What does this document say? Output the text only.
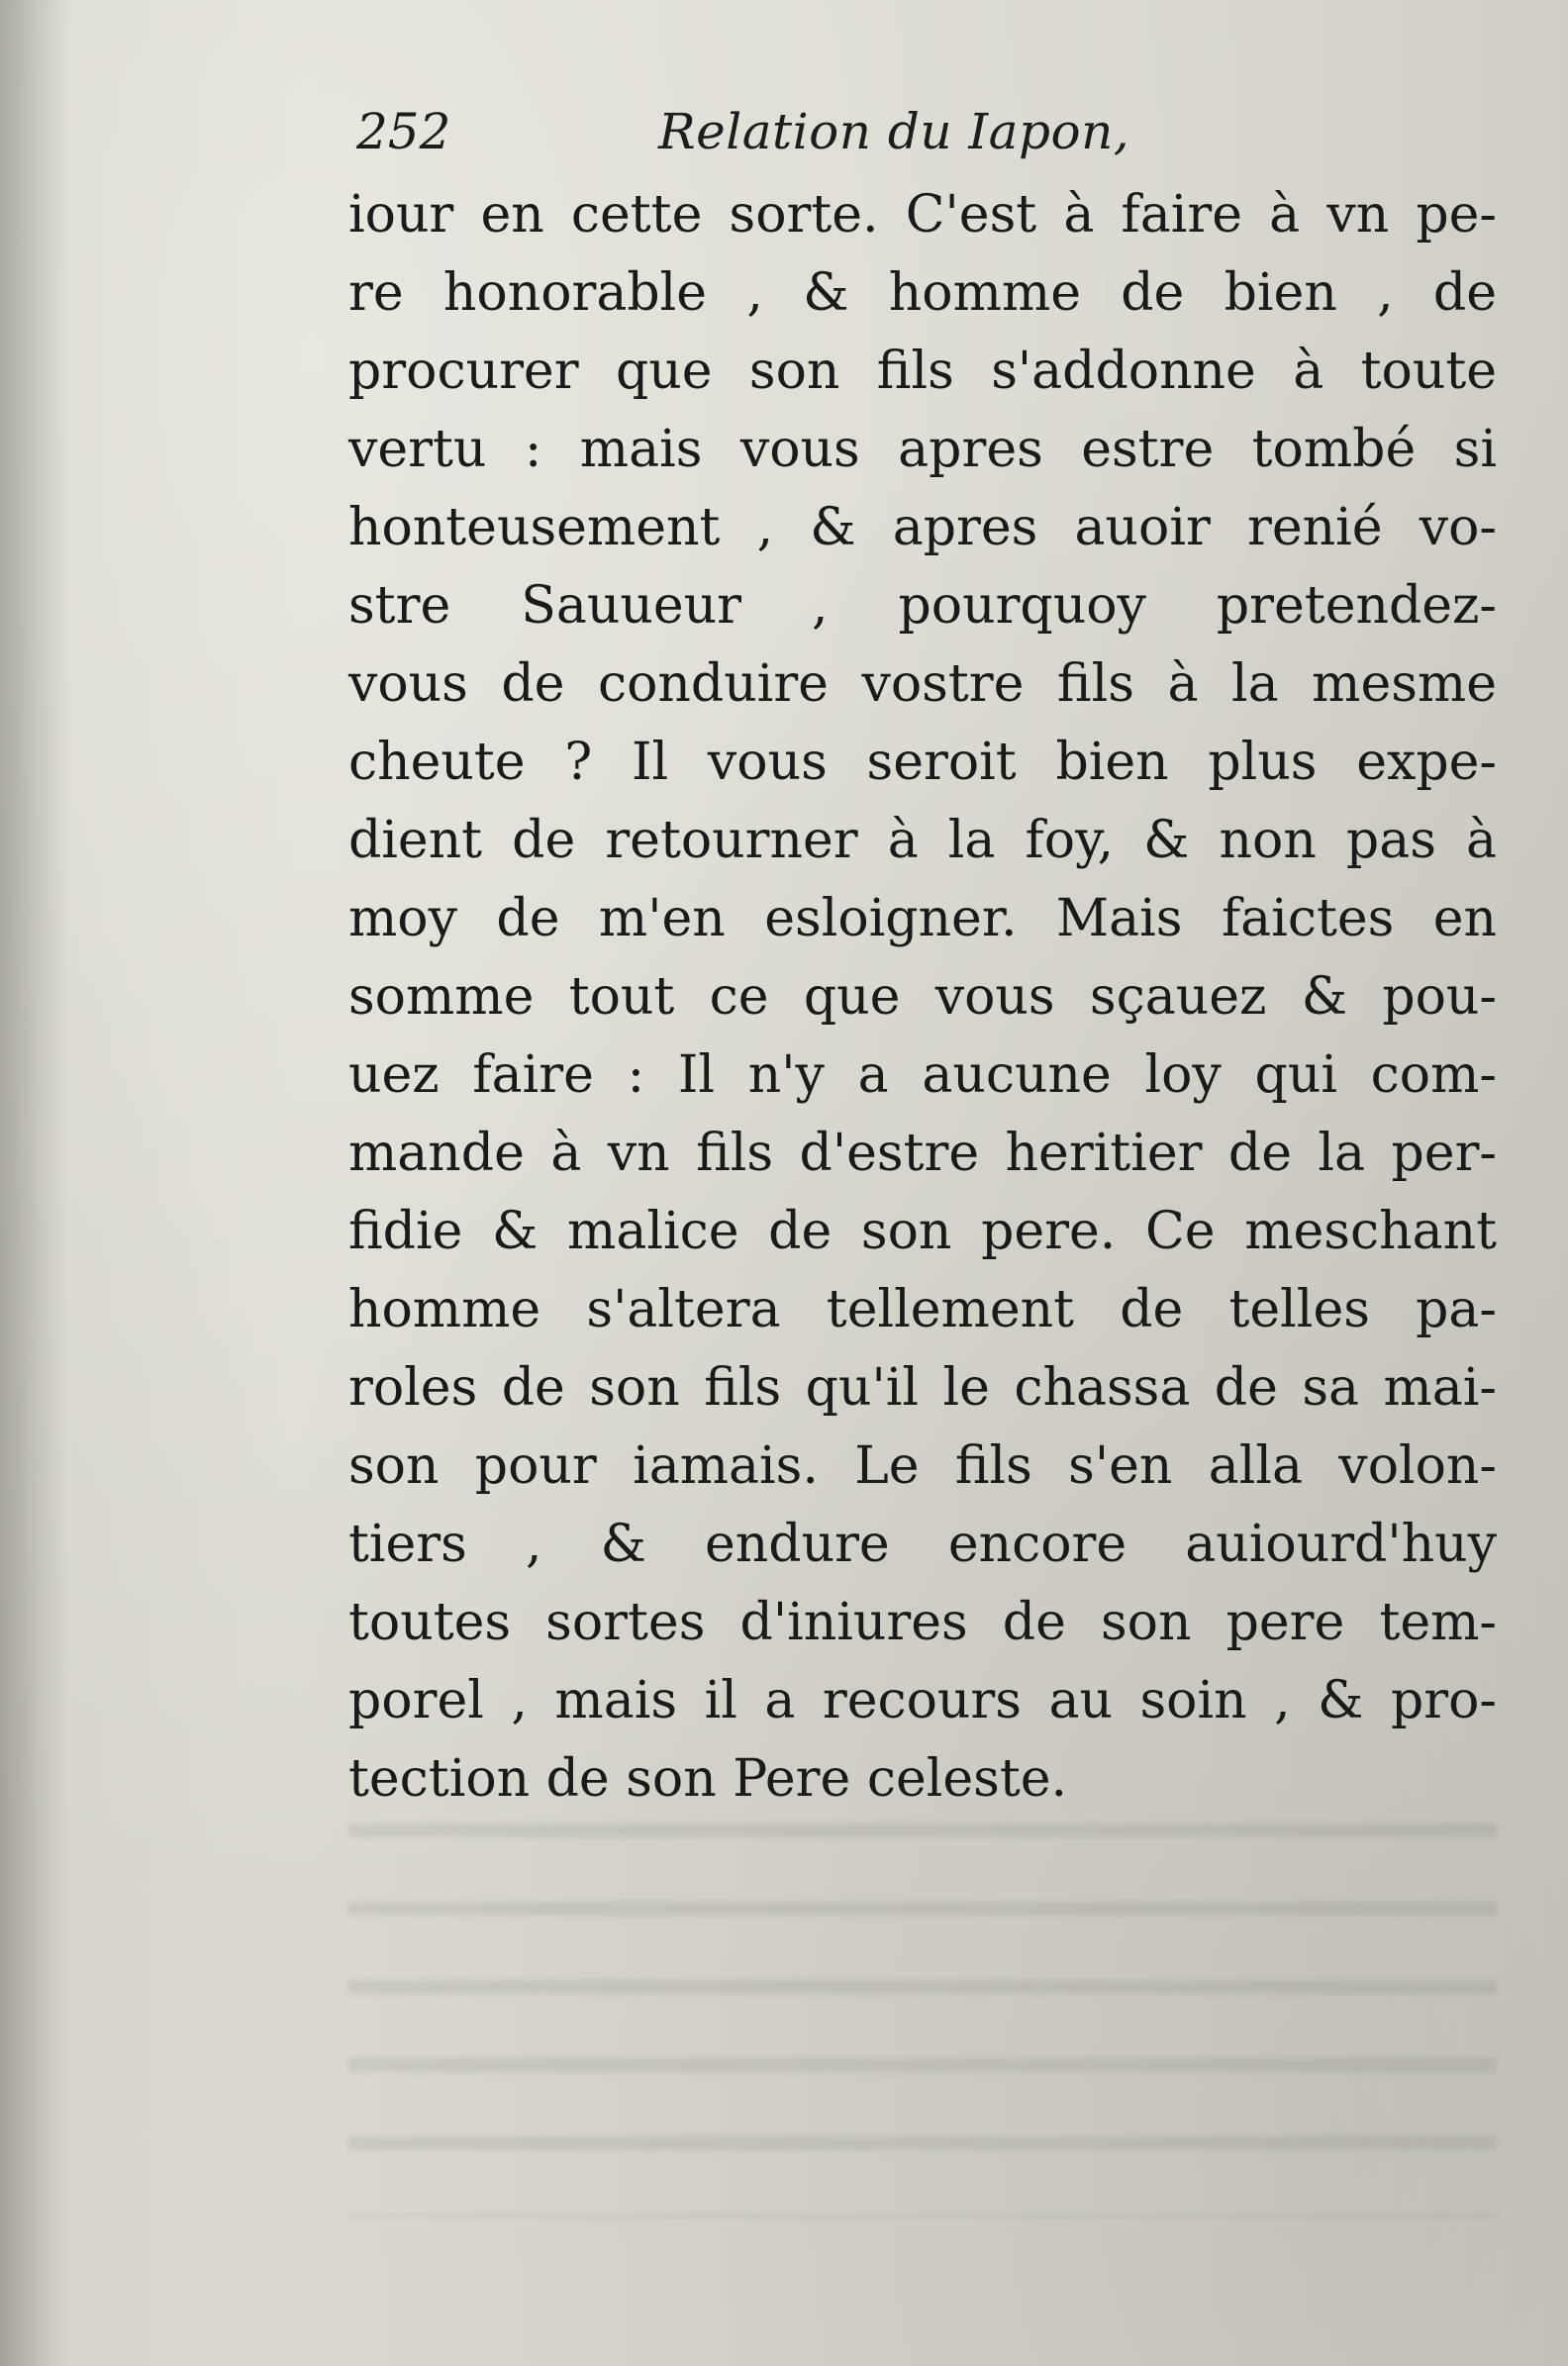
252	Relation du Iapon,
iour en cette sorte. C'est à faire à vn pe-
re honorable , & homme de bien , de
procurer que son fils s'addonne à toute
vertu : mais vous apres estre tombé si
honteusement , & apres auoir renié vo-
stre Sauueur , pourquoy pretendez-
vous de conduire vostre fils à la mesme
cheute ? Il vous seroit bien plus expe-
dient de retourner à la foy, & non pas à
moy de m'en esloigner. Mais faictes en
somme tout ce que vous sçauez & pou-
uez faire : Il n'y a aucune loy qui com-
mande à vn fils d'estre heritier de la per-
fidie & malice de son pere. Ce meschant
homme s'altera tellement de telles pa-
roles de son fils qu'il le chassa de sa mai-
son pour iamais. Le fils s'en alla volon-
tiers , & endure encore auiourd'huy
toutes sortes d'iniures de son pere tem-
porel , mais il a recours au soin , & pro-
tection de son Pere celeste.
